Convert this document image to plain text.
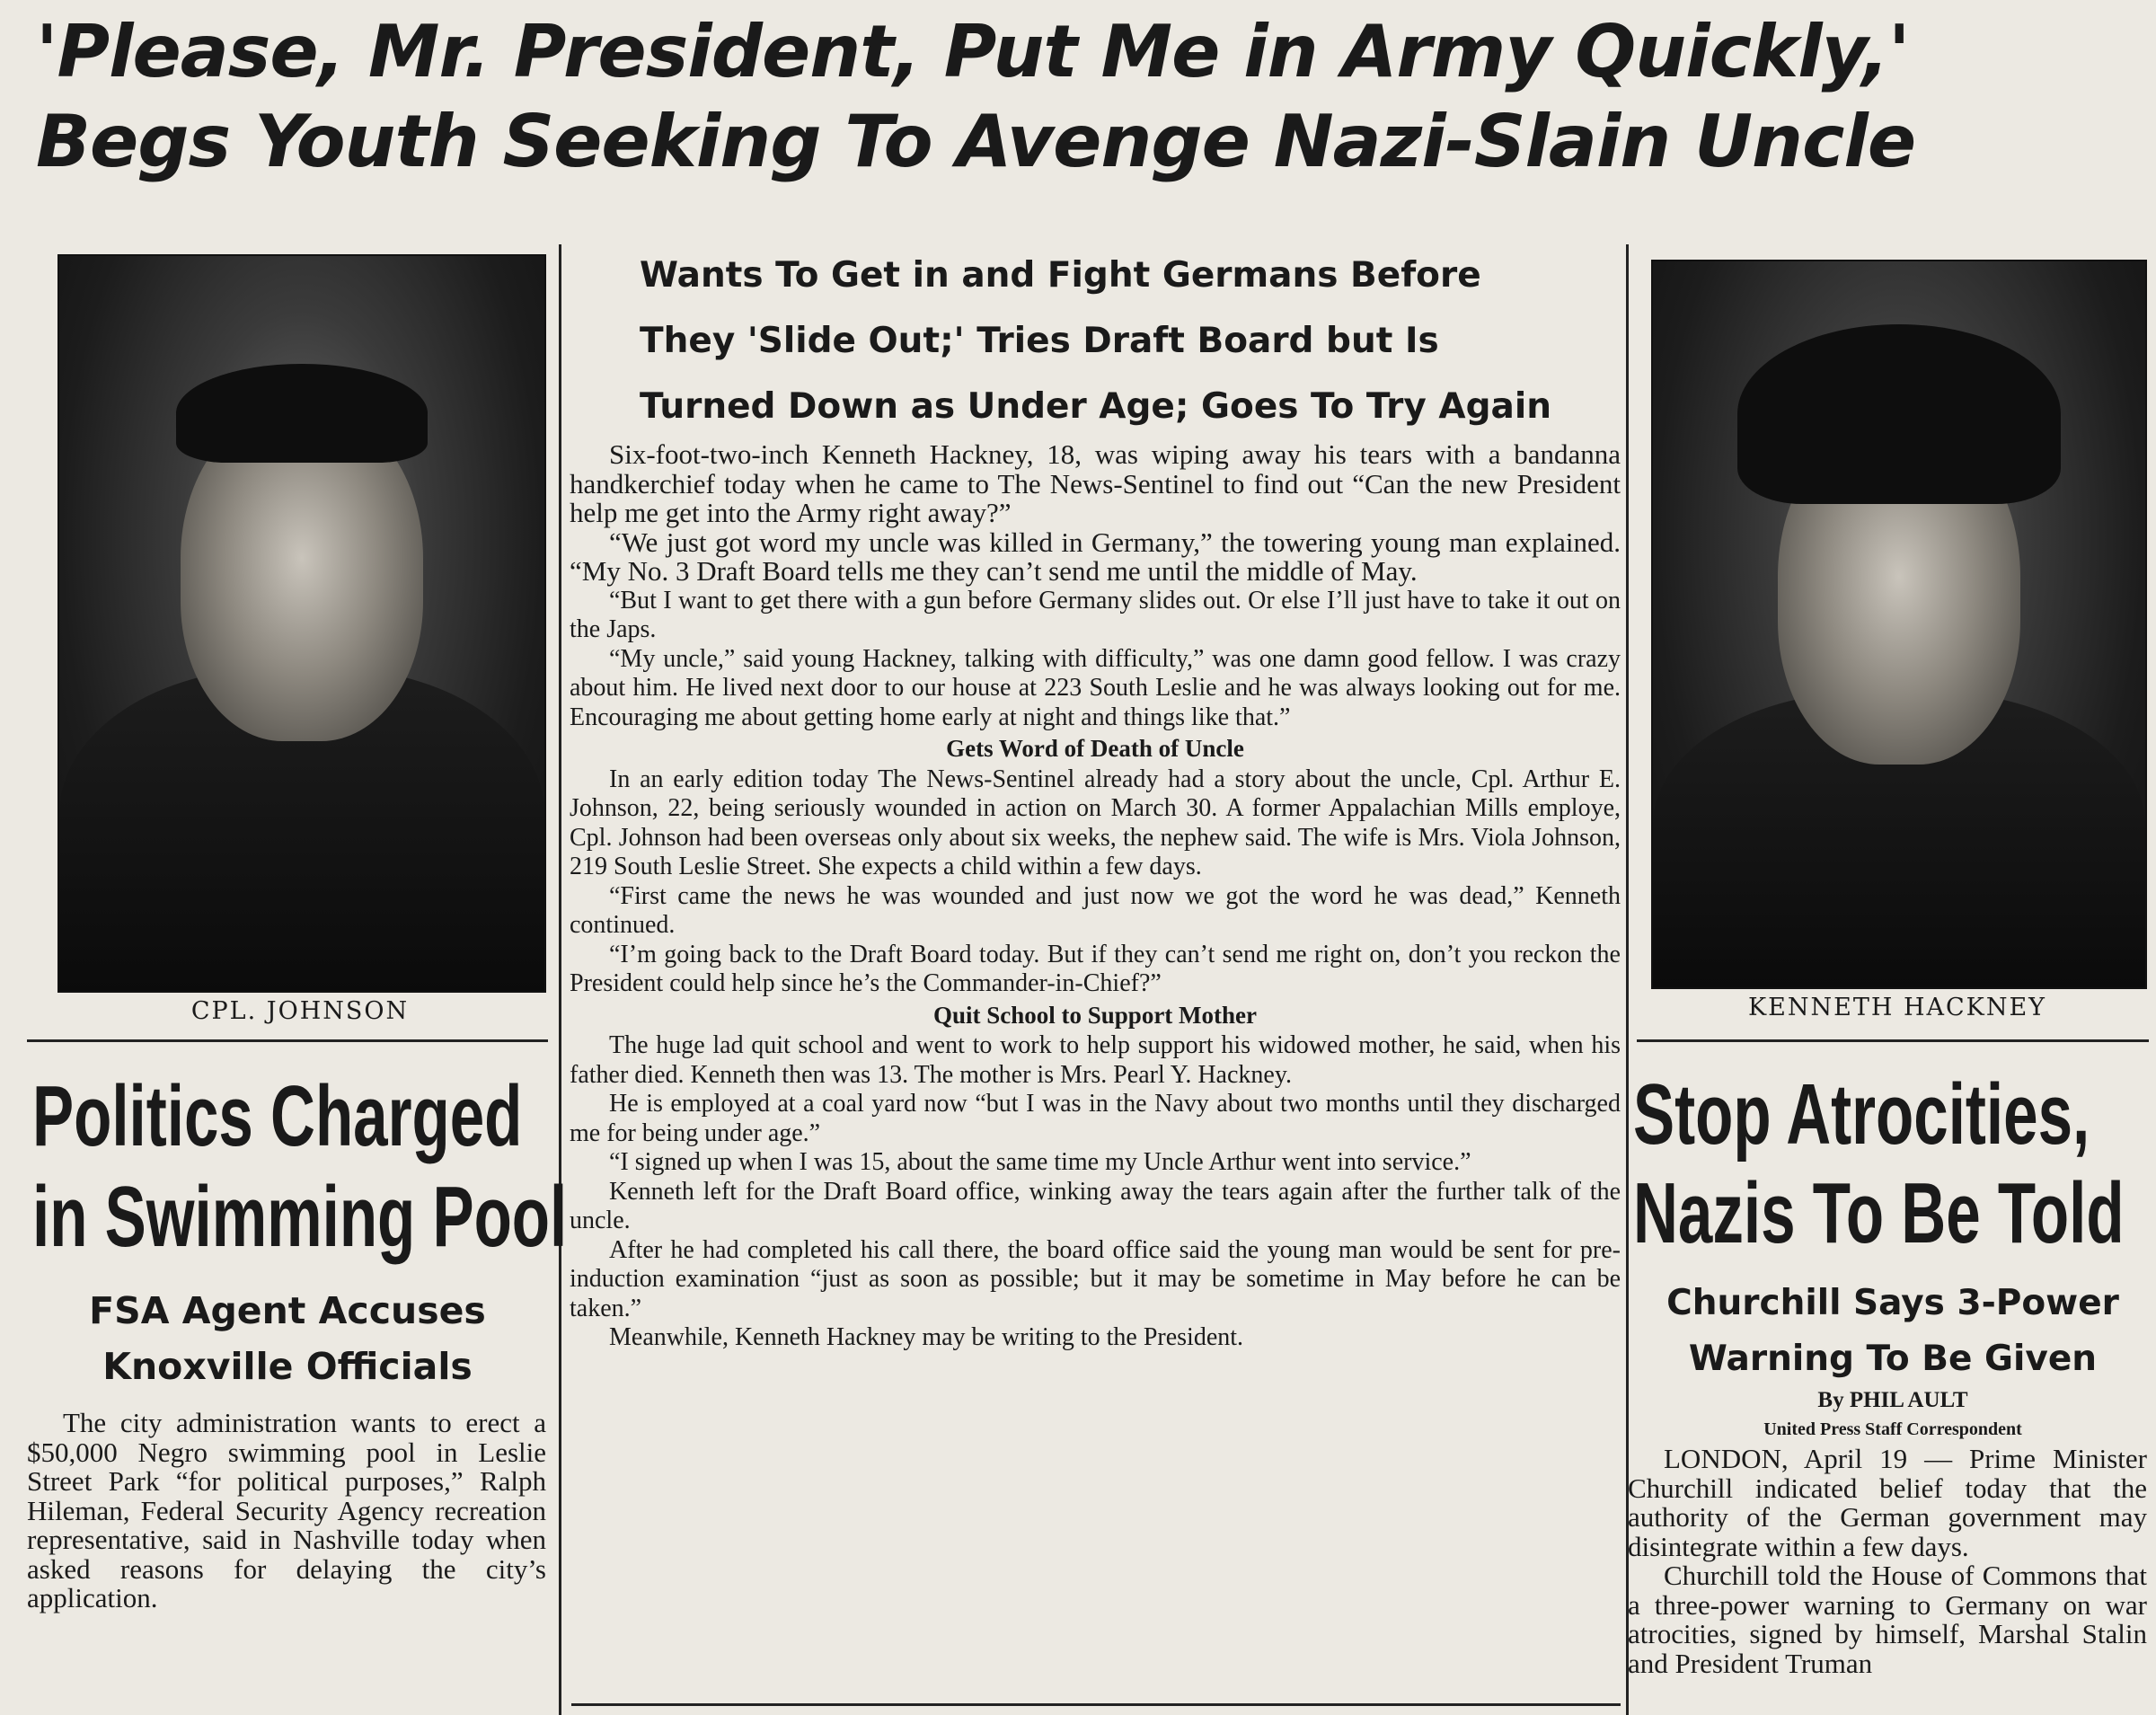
'Please, Mr. President, Put Me in Army Quickly,'
Begs Youth Seeking To Avenge Nazi-Slain Uncle
CPL. JOHNSON	KENNETH HACKNEY
Wants To Get in and Fight Germans Before
They 'Slide Out;' Tries Draft Board but Is
Turned Down as Under Age; Goes To Try Again

Six-foot-two-inch Kenneth Hackney, 18, was wiping away his tears with a bandanna handkerchief today when he came to The News-Sentinel to find out “Can the new President help me get into the Army right away?”

“We just got word my uncle was killed in Germany,” the towering young man explained. “My No. 3 Draft Board tells me they can’t send me until the middle of May.

“But I want to get there with a gun before Germany slides out. Or else I’ll just have to take it out on the Japs.

“My uncle,” said young Hackney, talking with difficulty,” was one damn good fellow. I was crazy about him. He lived next door to our house at 223 South Leslie and he was always looking out for me. Encouraging me about getting home early at night and things like that.”

Gets Word of Death of Uncle

In an early edition today The News-Sentinel already had a story about the uncle, Cpl. Arthur E. Johnson, 22, being seriously wounded in action on March 30. A former Appalachian Mills employe, Cpl. Johnson had been overseas only about six weeks, the nephew said. The wife is Mrs. Viola Johnson, 219 South Leslie Street. She expects a child within a few days.

“First came the news he was wounded and just now we got the word he was dead,” Kenneth continued.

“I’m going back to the Draft Board today. But if they can’t send me right on, don’t you reckon the President could help since he’s the Commander-in-Chief?”

Quit School to Support Mother

The huge lad quit school and went to work to help support his widowed mother, he said, when his father died. Kenneth then was 13. The mother is Mrs. Pearl Y. Hackney.

He is employed at a coal yard now “but I was in the Navy about two months until they discharged me for being under age.”

“I signed up when I was 15, about the same time my Uncle Arthur went into service.”

Kenneth left for the Draft Board office, winking away the tears again after the further talk of the uncle.

After he had completed his call there, the board office said the young man would be sent for pre-induction examination “just as soon as possible; but it may be sometime in May before he can be taken.”

Meanwhile, Kenneth Hackney may be writing to the President.

Politics Charged
in Swimming Pool
FSA Agent Accuses
Knoxville Officials

The city administration wants to erect a $50,000 Negro swimming pool in Leslie Street Park “for political purposes,” Ralph Hileman, Federal Security Agency recreation representative, said in Nashville today when asked reasons for delaying the city’s application.

Stop Atrocities,
Nazis To Be Told
Churchill Says 3-Power
Warning To Be Given
By PHIL AULT
United Press Staff Correspondent

LONDON, April 19 — Prime Minister Churchill indicated belief today that the authority of the German government may disintegrate within a few days.

Churchill told the House of Commons that a three-power warning to Germany on war atrocities, signed by himself, Marshal Stalin and President Truman
